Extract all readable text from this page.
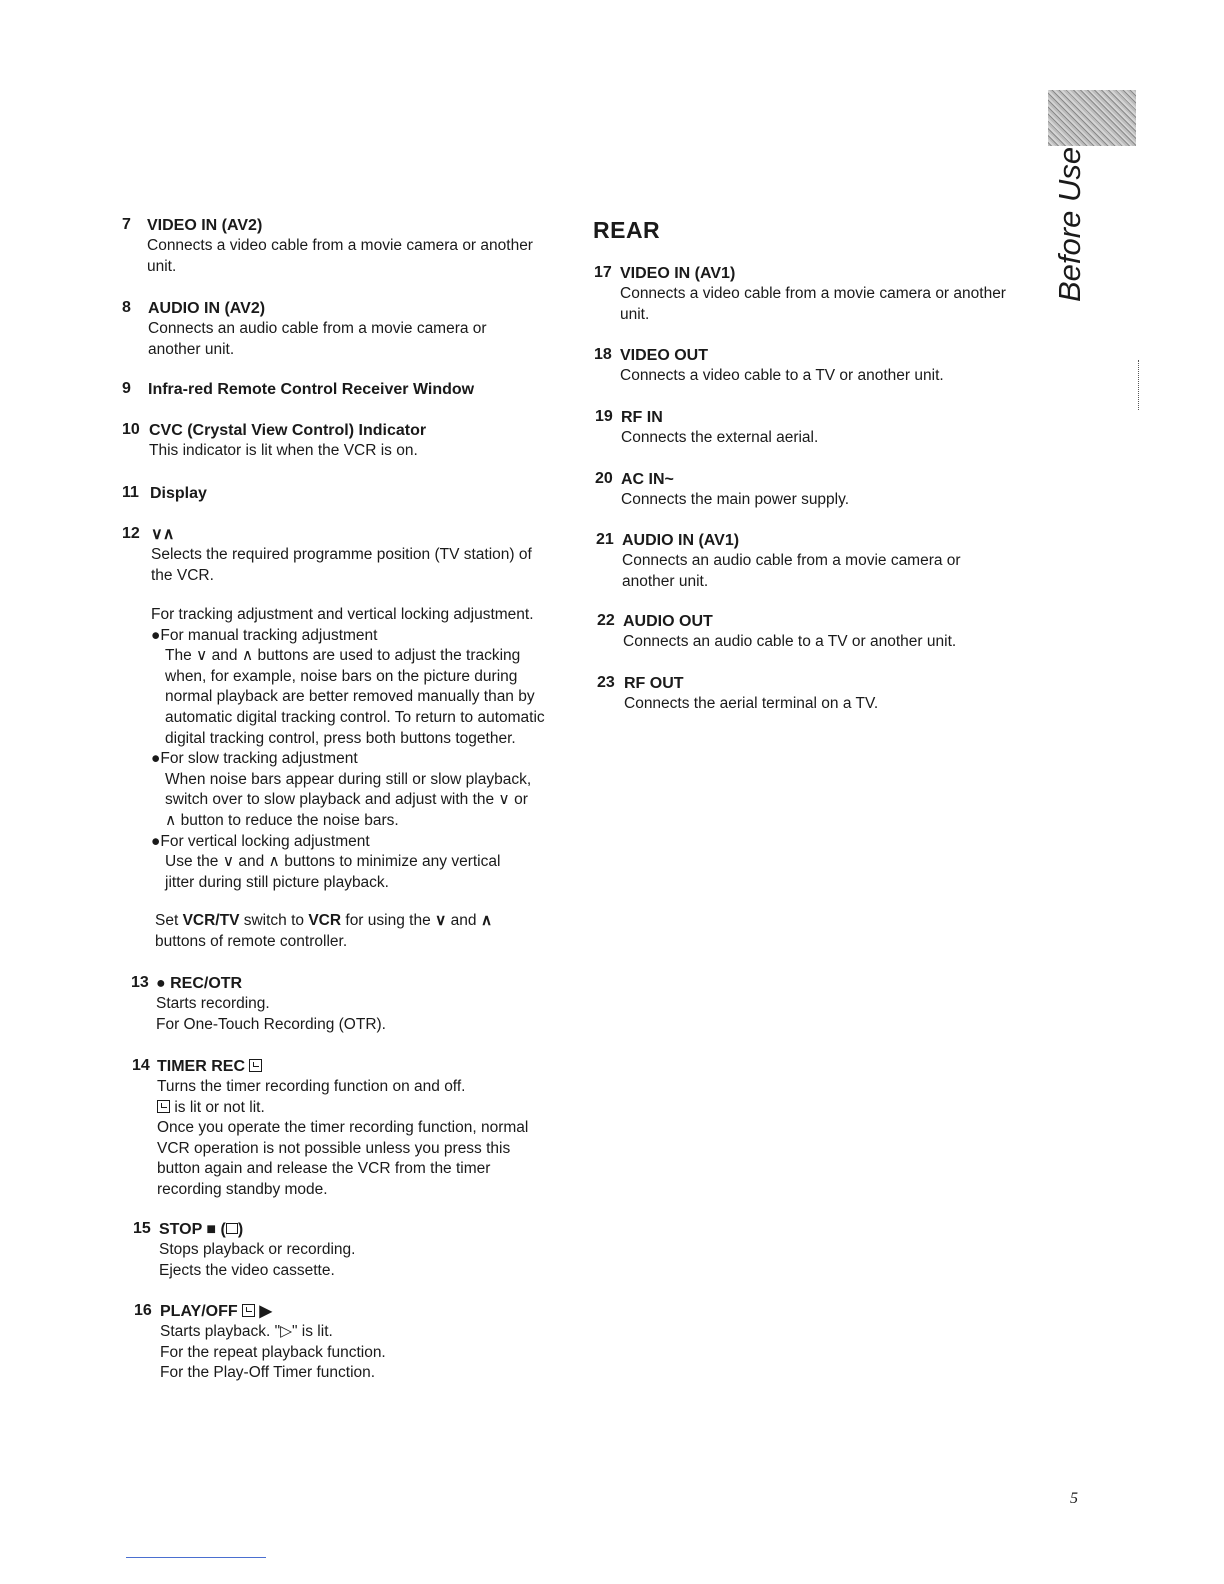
Before Use
7 VIDEO IN (AV2)
Connects a video cable from a movie camera or another
unit.
8 AUDIO IN (AV2)
Connects an audio cable from a movie camera or
another unit.
9 Infra-red Remote Control Receiver Window
10 CVC (Crystal View Control) Indicator
This indicator is lit when the VCR is on.
11 Display
12 ∨∧
Selects the required programme position (TV station) of
the VCR.
For tracking adjustment and vertical locking adjustment.
●For manual tracking adjustment
The ∨ and ∧ buttons are used to adjust the tracking
when, for example, noise bars on the picture during
normal playback are better removed manually than by
automatic digital tracking control. To return to automatic
digital tracking control, press both buttons together.
●For slow tracking adjustment
When noise bars appear during still or slow playback,
switch over to slow playback and adjust with the ∨ or
∧ button to reduce the noise bars.
●For vertical locking adjustment
Use the ∨ and ∧ buttons to minimize any vertical
jitter during still picture playback.
Set VCR/TV switch to VCR for using the ∨ and ∧
buttons of remote controller.
13 ● REC/OTR
Starts recording.
For One-Touch Recording (OTR).
14 TIMER REC
Turns the timer recording function on and off.
is lit or not lit.
Once you operate the timer recording function, normal
VCR operation is not possible unless you press this
button again and release the VCR from the timer
recording standby mode.
15 STOP ■ ( )
Stops playback or recording.
Ejects the video cassette.
16 PLAY/OFF ▶
Starts playback. "▷" is lit.
For the repeat playback function.
For the Play-Off Timer function.
REAR
17 VIDEO IN (AV1)
Connects a video cable from a movie camera or another
unit.
18 VIDEO OUT
Connects a video cable to a TV or another unit.
19 RF IN
Connects the external aerial.
20 AC IN~
Connects the main power supply.
21 AUDIO IN (AV1)
Connects an audio cable from a movie camera or
another unit.
22 AUDIO OUT
Connects an audio cable to a TV or another unit.
23 RF OUT
Connects the aerial terminal on a TV.
5
